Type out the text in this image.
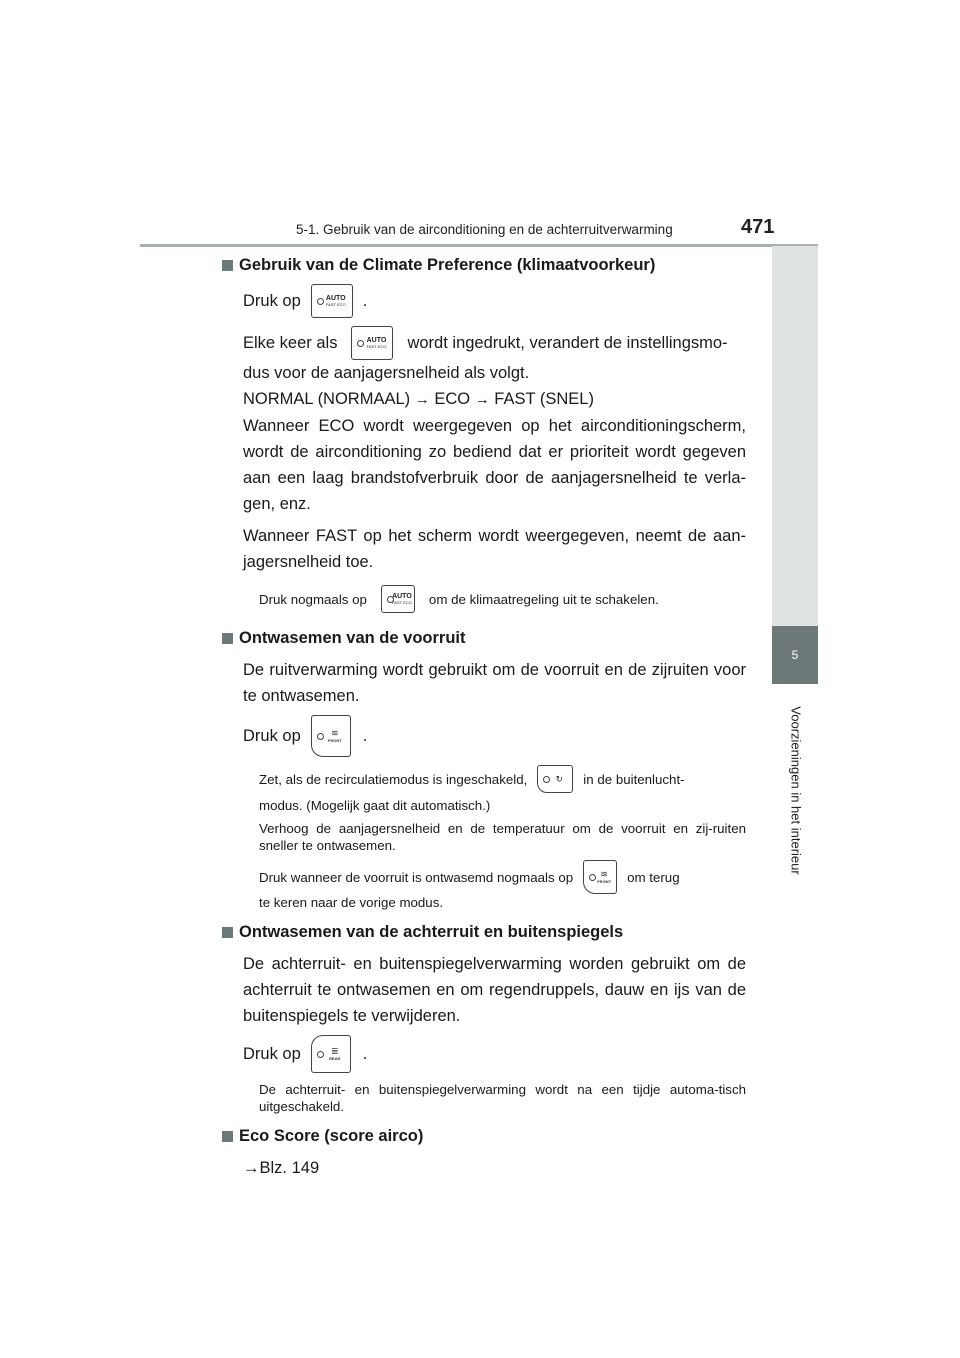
5-1. Gebruik van de airconditioning en de achterruitverwarming	471
5
Voorzieningen in het interieur
Gebruik van de Climate Preference (klimaatvoorkeur)
Druk op	AUTO
FAST ECO .
Elke keer als	AUTO
FAST ECO wordt ingedrukt, verandert de instellingsmo-
dus voor de aanjagersnelheid als volgt.
NORMAL (NORMAAL) → ECO → FAST (SNEL)
Wanneer ECO wordt weergegeven op het airconditioningscherm, wordt de airconditioning zo bediend dat er prioriteit wordt gegeven aan een laag brandstofverbruik door de aanjagersnelheid te verla-gen, enz.
Wanneer FAST op het scherm wordt weergegeven, neemt de aan-jagersnelheid toe.
Druk nogmaals op	AUTO
FAST ECO om de klimaatregeling uit te schakelen.
Ontwasemen van de voorruit
De ruitverwarming wordt gebruikt om de voorruit en de zijruiten voor te ontwasemen.
Druk op	≋
FRONT .
Zet, als de recirculatiemodus is ingeschakeld,	↻ in de buitenlucht-
modus. (Mogelijk gaat dit automatisch.)
Verhoog de aanjagersnelheid en de temperatuur om de voorruit en zij-ruiten sneller te ontwasemen.
Druk wanneer de voorruit is ontwasemd nogmaals op	≋
FRONT om terug
te keren naar de vorige modus.
Ontwasemen van de achterruit en buitenspiegels
De achterruit- en buitenspiegelverwarming worden gebruikt om de achterruit te ontwasemen en om regendruppels, dauw en ijs van de buitenspiegels te verwijderen.
Druk op	≣
REAR .
De achterruit- en buitenspiegelverwarming wordt na een tijdje automa-tisch uitgeschakeld.
Eco Score (score airco)
→Blz. 149
